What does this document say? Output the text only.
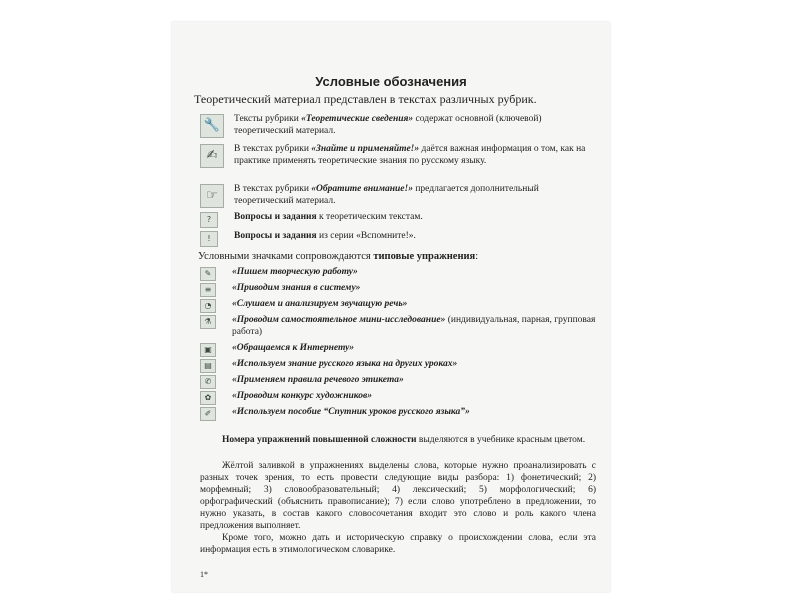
Условные обозначения
Теоретический материал представлен в текстах различных рубрик.
🔧	Тексты рубрики «Теоретические сведения» содержат основной (ключевой) теоретический материал.
✍	В текстах рубрики «Знайте и применяйте!» даётся важная информация о том, как на практике применять теоретические знания по русскому языку.
☞	В текстах рубрики «Обратите внимание!» предлагается дополнительный теоретический материал.
?	Вопросы и задания к теоретическим текстам.
!	Вопросы и задания из серии «Вспомните!».
Условными значками сопровождаются типовые упражнения:
✎	«Пишем творческую работу»
≡	«Приводим знания в систему»
◔	«Слушаем и анализируем звучащую речь»
⚗	«Проводим самостоятельное мини-исследование» (индивидуальная, парная, групповая работа)
▣	«Обращаемся к Интернету»
▤	«Используем знание русского языка на других уроках»
✆	«Применяем правила речевого этикета»
✿	«Проводим конкурс художников»
✐	«Используем пособие “Спутник уроков русского языка”»
Номера упражнений повышенной сложности выделяются в учебнике красным цветом.
Жёлтой заливкой в упражнениях выделены слова, которые нужно проанализировать с разных точек зрения, то есть провести следующие виды разбора: 1) фонетический; 2) морфемный; 3) словообразовательный; 4) лексический; 5) морфологический; 6) орфографический (объяснить правописание); 7) если слово употреблено в предложении, то нужно указать, в состав какого словосочетания входит это слово и роль какого члена предложения выполняет.
Кроме того, можно дать и историческую справку о происхождении слова, если эта информация есть в этимологическом словарике.
1*
